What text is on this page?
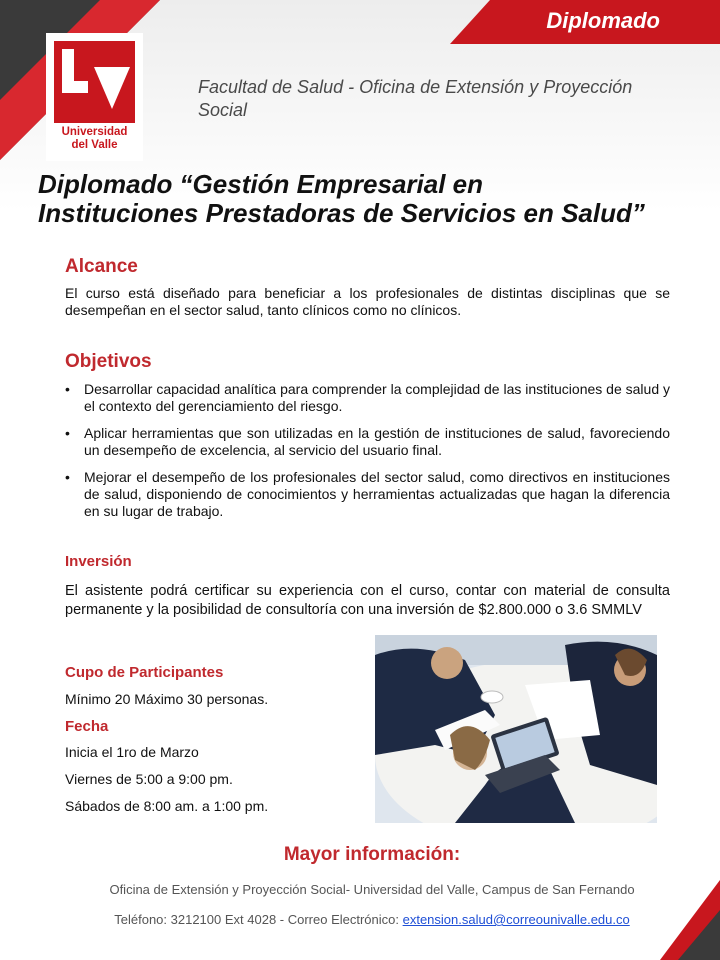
Diplomado
Universidad
del Valle
Facultad de Salud - Oficina de Extensión y Proyección Social
Diplomado “Gestión Empresarial en
Instituciones Prestadoras de Servicios en Salud”
Alcance
El curso está diseñado para beneficiar a los profesionales de distintas disciplinas que se desempeñan en el sector salud, tanto clínicos como no clínicos.
Objetivos
• Desarrollar capacidad analítica para comprender la complejidad de las instituciones de salud y el contexto del gerenciamiento del riesgo.
• Aplicar herramientas que son utilizadas en la gestión de instituciones de salud, favoreciendo un desempeño de excelencia, al servicio del usuario final.
• Mejorar el desempeño de los profesionales del sector salud, como directivos en instituciones de salud, disponiendo de conocimientos y herramientas actualizadas que hagan la diferencia en su lugar de trabajo.
Inversión
El asistente podrá certificar su experiencia con el curso, contar con material de consulta permanente y la posibilidad de consultoría con una inversión de $2.800.000 o 3.6 SMMLV
Cupo de Participantes
Mínimo 20 Máximo 30 personas.
Fecha
Inicia el 1ro de Marzo
Viernes de 5:00 a 9:00 pm.
Sábados de 8:00 am. a 1:00 pm.
Mayor información:
Oficina de Extensión y Proyección Social- Universidad del Valle, Campus de San Fernando
Teléfono: 3212100 Ext 4028 - Correo Electrónico: extension.salud@correounivalle.edu.co
